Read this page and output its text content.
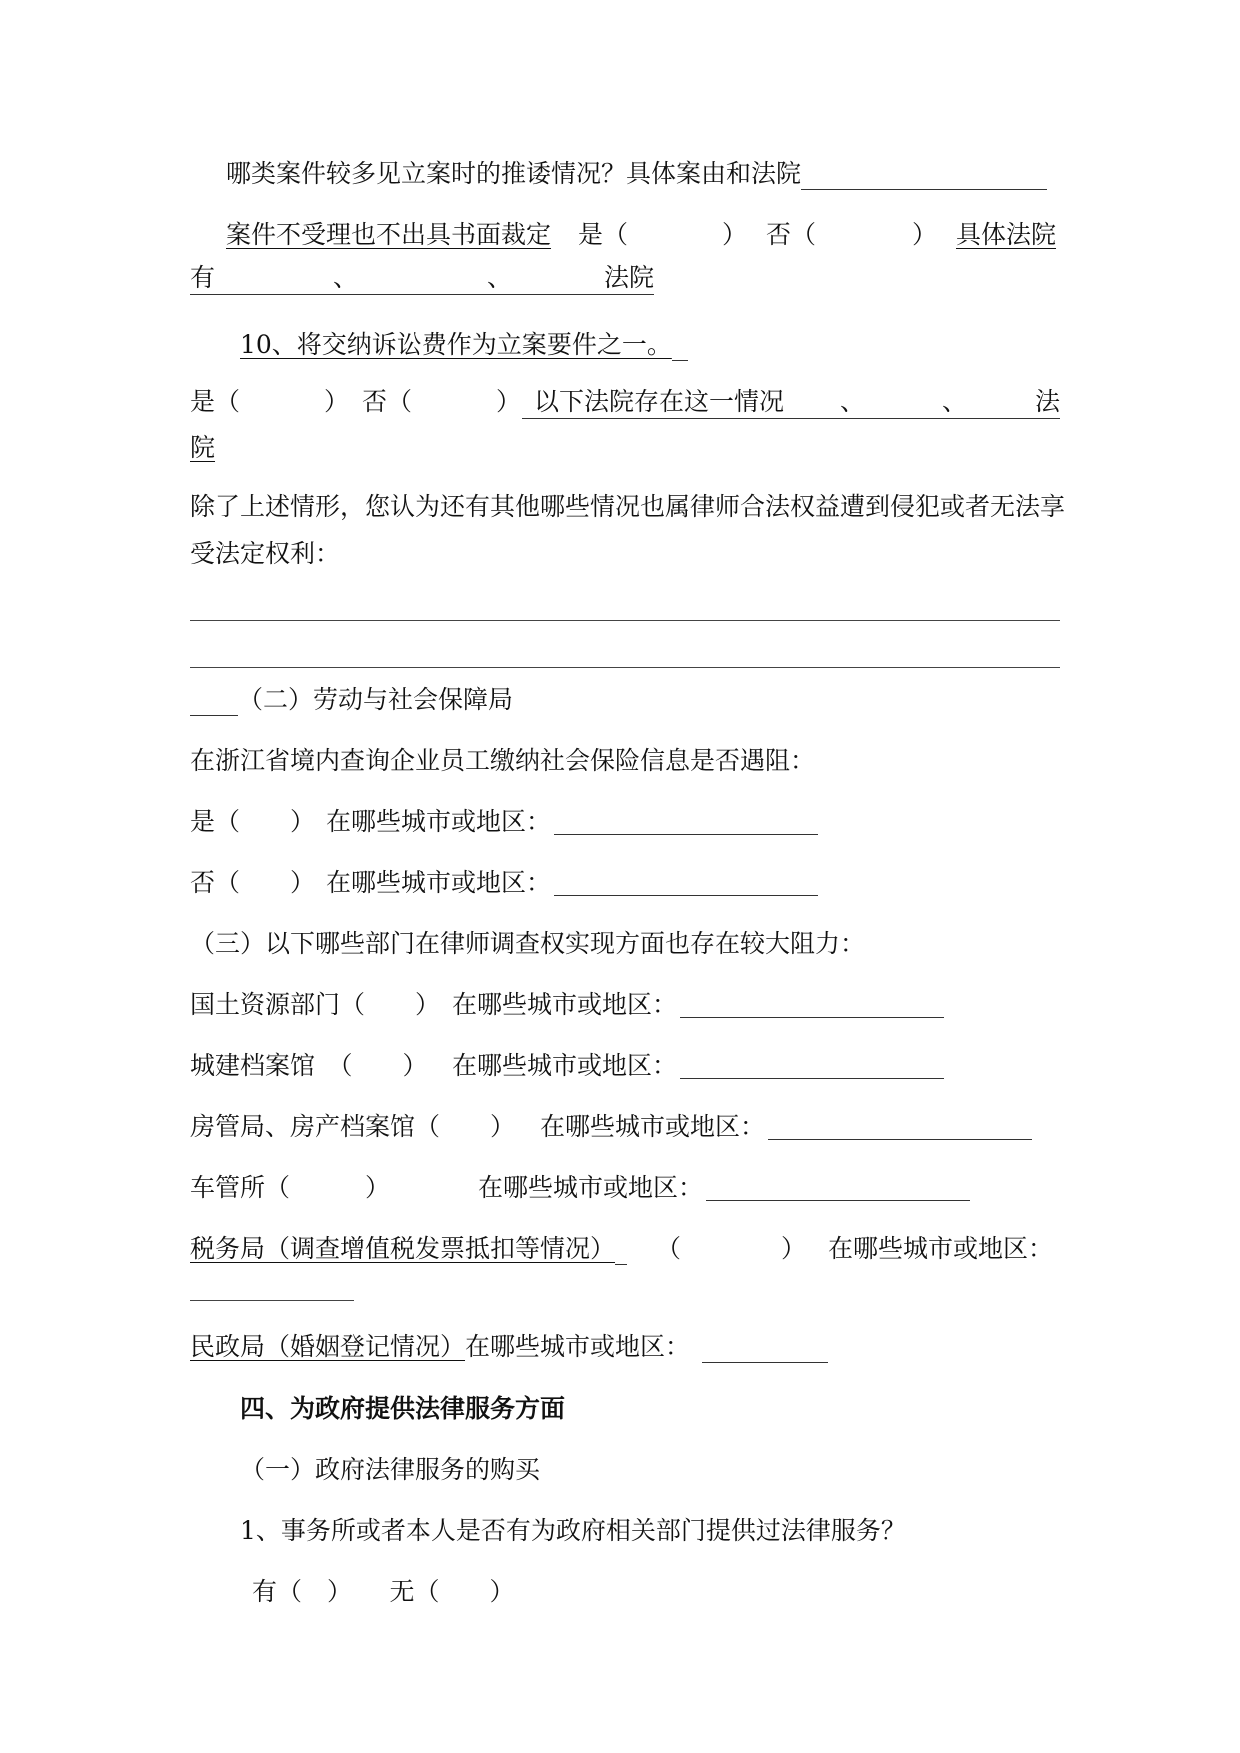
哪类案件较多见立案时的推诿情况？具体案由和法院
案件不受理也不出具书面裁定 是（	） 否（	） 具体法院
有	、	、	法院
10、将交纳诉讼费作为立案要件之一。
是（	） 否（	） 以下法院存在这一情况 、	、	法
院
除了上述情形，您认为还有其他哪些情况也属律师合法权益遭到侵犯或者无法享
受法定权利：
（二）劳动与社会保障局
在浙江省境内查询企业员工缴纳社会保险信息是否遇阻：
是（　　） 在哪些城市或地区：
否（　　） 在哪些城市或地区：
（三）以下哪些部门在律师调查权实现方面也存在较大阻力：
国土资源部门（　　） 在哪些城市或地区：
城建档案馆　（　　） 在哪些城市或地区：
房管局、房产档案馆（　　） 在哪些城市或地区：
车管所（　　　）	在哪些城市或地区：
税务局（调查增值税发票抵扣等情况） （　　　　） 在哪些城市或地区：
民政局（婚姻登记情况）在哪些城市或地区：
四、为政府提供法律服务方面
（一）政府法律服务的购买
1、事务所或者本人是否有为政府相关部门提供过法律服务？
有（　）　　无（　　）
